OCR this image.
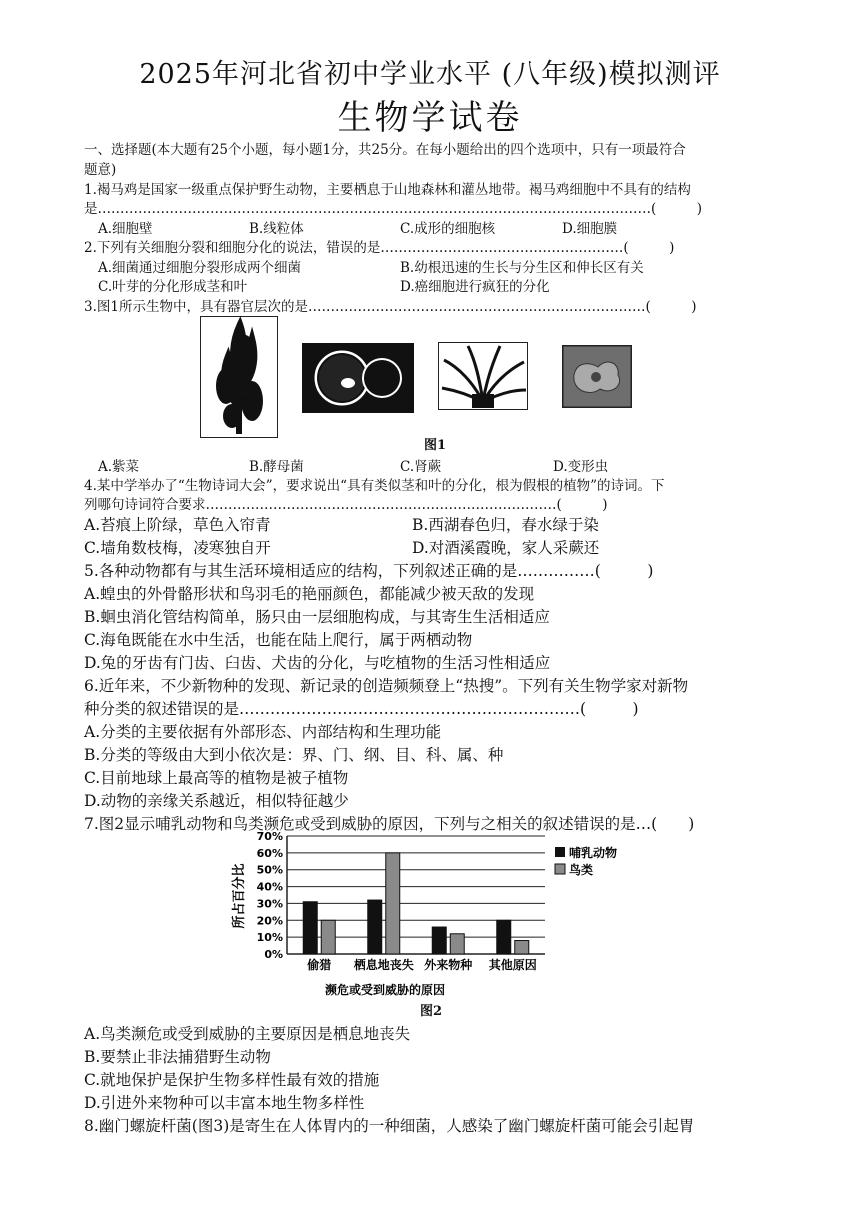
2025年河北省初中学业水平 (八年级)模拟测评
生物学试卷
一、选择题(本大题有25个小题，每小题1分，共25分。在每小题给出的四个选项中，只有一项最符合
题意)
1.褐马鸡是国家一级重点保护野生动物，主要栖息于山地森林和灌丛地带。褐马鸡细胞中不具有的结构
是……………………………………………………………………………………………………………(　　　)
A.细胞壁	B.线粒体	C.成形的细胞核	D.细胞膜
2.下列有关细胞分裂和细胞分化的说法，错误的是………………………………………………(　　　)
A.细菌通过细胞分裂形成两个细菌	B.幼根迅速的生长与分生区和伸长区有关
C.叶芽的分化形成茎和叶	D.癌细胞进行疯狂的分化
3.图1所示生物中，具有器官层次的是…………………………………………………………………(　　　)
图1
A.紫菜	B.酵母菌	C.肾蕨	D.变形虫
4.某中学举办了“生物诗词大会”，要求说出“具有类似茎和叶的分化，根为假根的植物”的诗词。下
列哪句诗词符合要求……………………………………………………………………(　　　)
A.苔痕上阶绿，草色入帘青	B.西湖春色归，春水绿于染
C.墙角数枝梅，凌寒独自开	D.对酒溪霞晚，家人采蕨还
5.各种动物都有与其生活环境相适应的结构，下列叙述正确的是……………(　　　)
A.蝗虫的外骨骼形状和鸟羽毛的艳丽颜色，都能减少被天敌的发现
B.蛔虫消化管结构简单，肠只由一层细胞构成，与其寄生生活相适应
C.海龟既能在水中生活，也能在陆上爬行，属于两栖动物
D.兔的牙齿有门齿、臼齿、犬齿的分化，与吃植物的生活习性相适应
6.近年来，不少新物种的发现、新记录的创造频频登上“热搜”。下列有关生物学家对新物
种分类的叙述错误的是…………………………………………………………(　　　)
A.分类的主要依据有外部形态、内部结构和生理功能
B.分类的等级由大到小依次是：界、门、纲、目、科、属、种
C.目前地球上最高等的植物是被子植物
D.动物的亲缘关系越近，相似特征越少
7.图2显示哺乳动物和鸟类濒危或受到威胁的原因，下列与之相关的叙述错误的是…(　　)
所占百分比
70%
60%
50%
40%
30%
20%
10%
0%
偷猎 栖息地丧失 外来物种 其他原因
哺乳动物
鸟类
濒危或受到威胁的原因
图2
A.鸟类濒危或受到威胁的主要原因是栖息地丧失
B.要禁止非法捕猎野生动物
C.就地保护是保护生物多样性最有效的措施
D.引进外来物种可以丰富本地生物多样性
8.幽门螺旋杆菌(图3)是寄生在人体胃内的一种细菌，人感染了幽门螺旋杆菌可能会引起胃
